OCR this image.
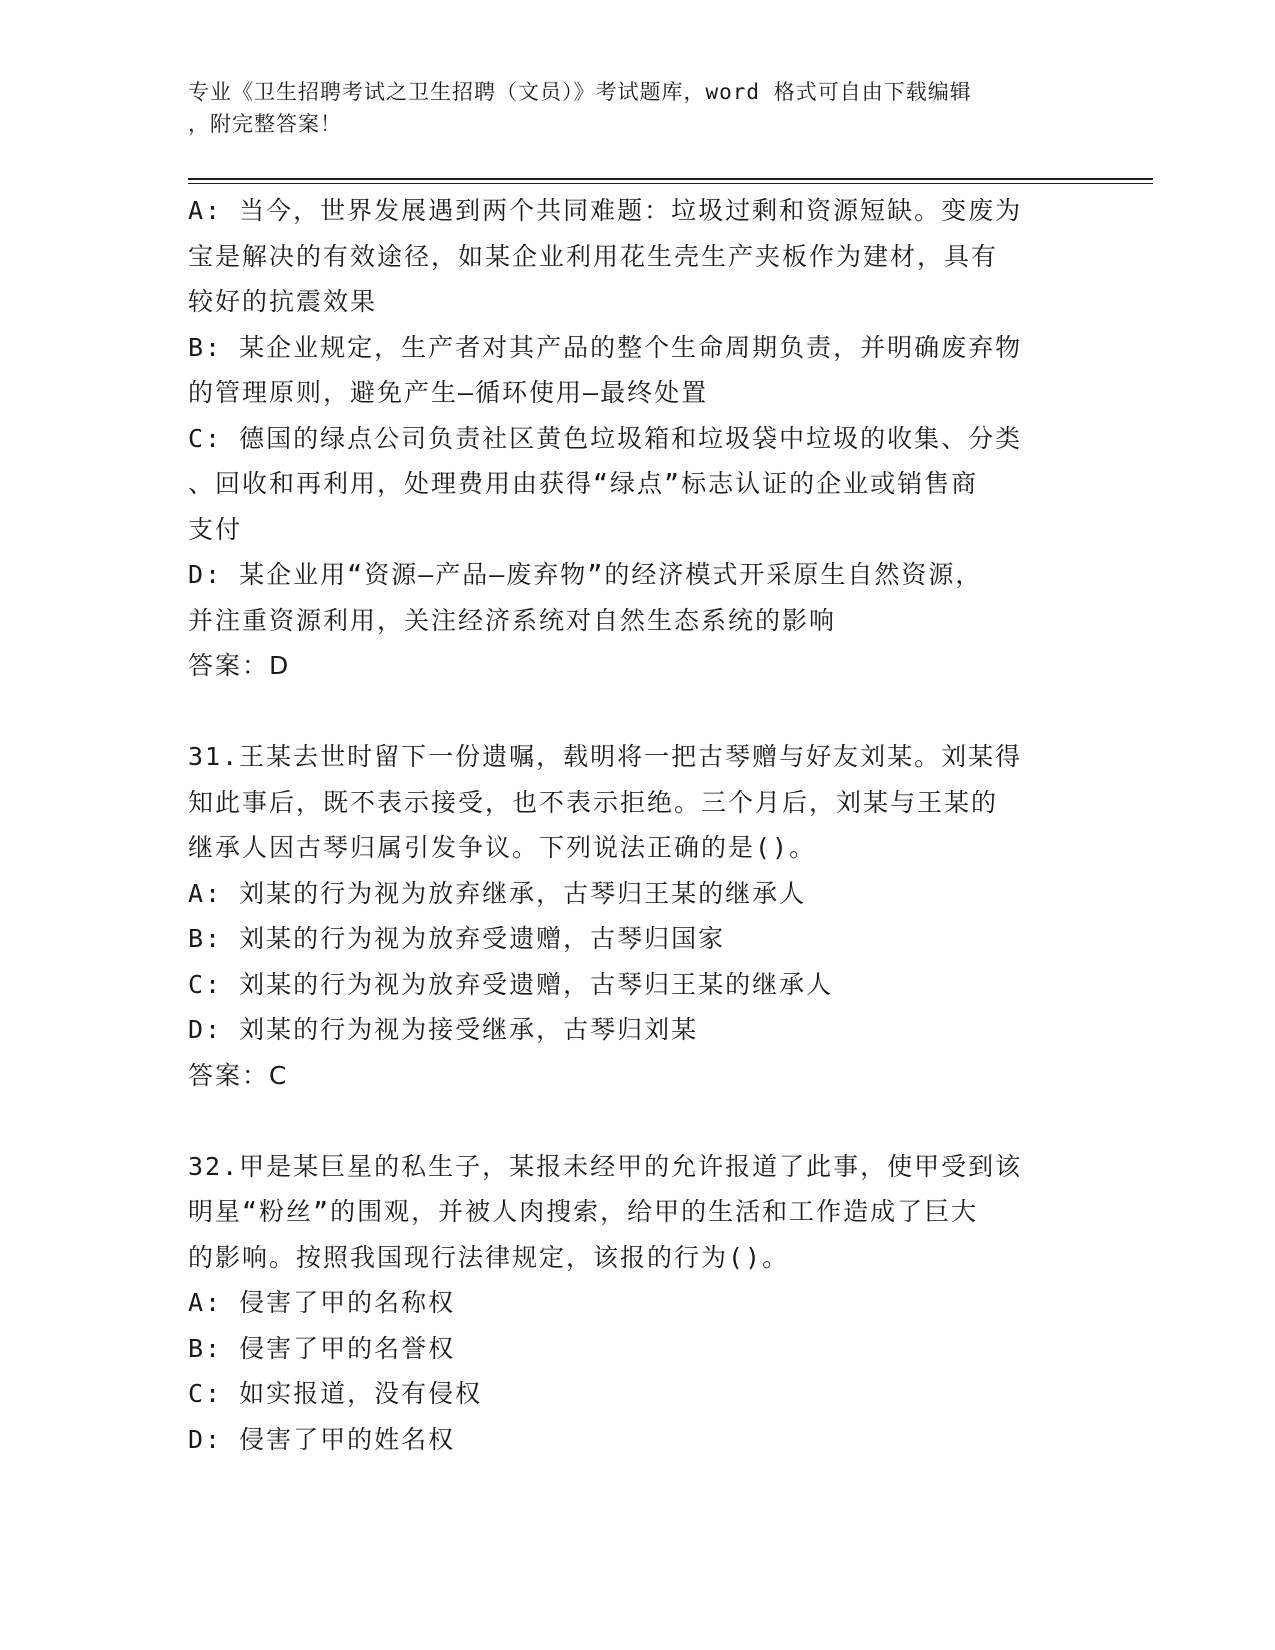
专业《卫生招聘考试之卫生招聘（文员）》考试题库，word 格式可自由下载编辑
，附完整答案！
A: 当今，世界发展遇到两个共同难题：垃圾过剩和资源短缺。变废为
宝是解决的有效途径，如某企业利用花生壳生产夹板作为建材，具有
较好的抗震效果
B: 某企业规定，生产者对其产品的整个生命周期负责，并明确废弃物
的管理原则，避免产生—循环使用—最终处置
C: 德国的绿点公司负责社区黄色垃圾箱和垃圾袋中垃圾的收集、分类
、回收和再利用，处理费用由获得“绿点”标志认证的企业或销售商
支付
D: 某企业用“资源—产品—废弃物”的经济模式开采原生自然资源，
并注重资源利用，关注经济系统对自然生态系统的影响
答案：D
31.王某去世时留下一份遗嘱，载明将一把古琴赠与好友刘某。刘某得
知此事后，既不表示接受，也不表示拒绝。三个月后，刘某与王某的
继承人因古琴归属引发争议。下列说法正确的是()。
A: 刘某的行为视为放弃继承，古琴归王某的继承人
B: 刘某的行为视为放弃受遗赠，古琴归国家
C: 刘某的行为视为放弃受遗赠，古琴归王某的继承人
D: 刘某的行为视为接受继承，古琴归刘某
答案：C
32.甲是某巨星的私生子，某报未经甲的允许报道了此事，使甲受到该
明星“粉丝”的围观，并被人肉搜索，给甲的生活和工作造成了巨大
的影响。按照我国现行法律规定，该报的行为()。
A: 侵害了甲的名称权
B: 侵害了甲的名誉权
C: 如实报道，没有侵权
D: 侵害了甲的姓名权
